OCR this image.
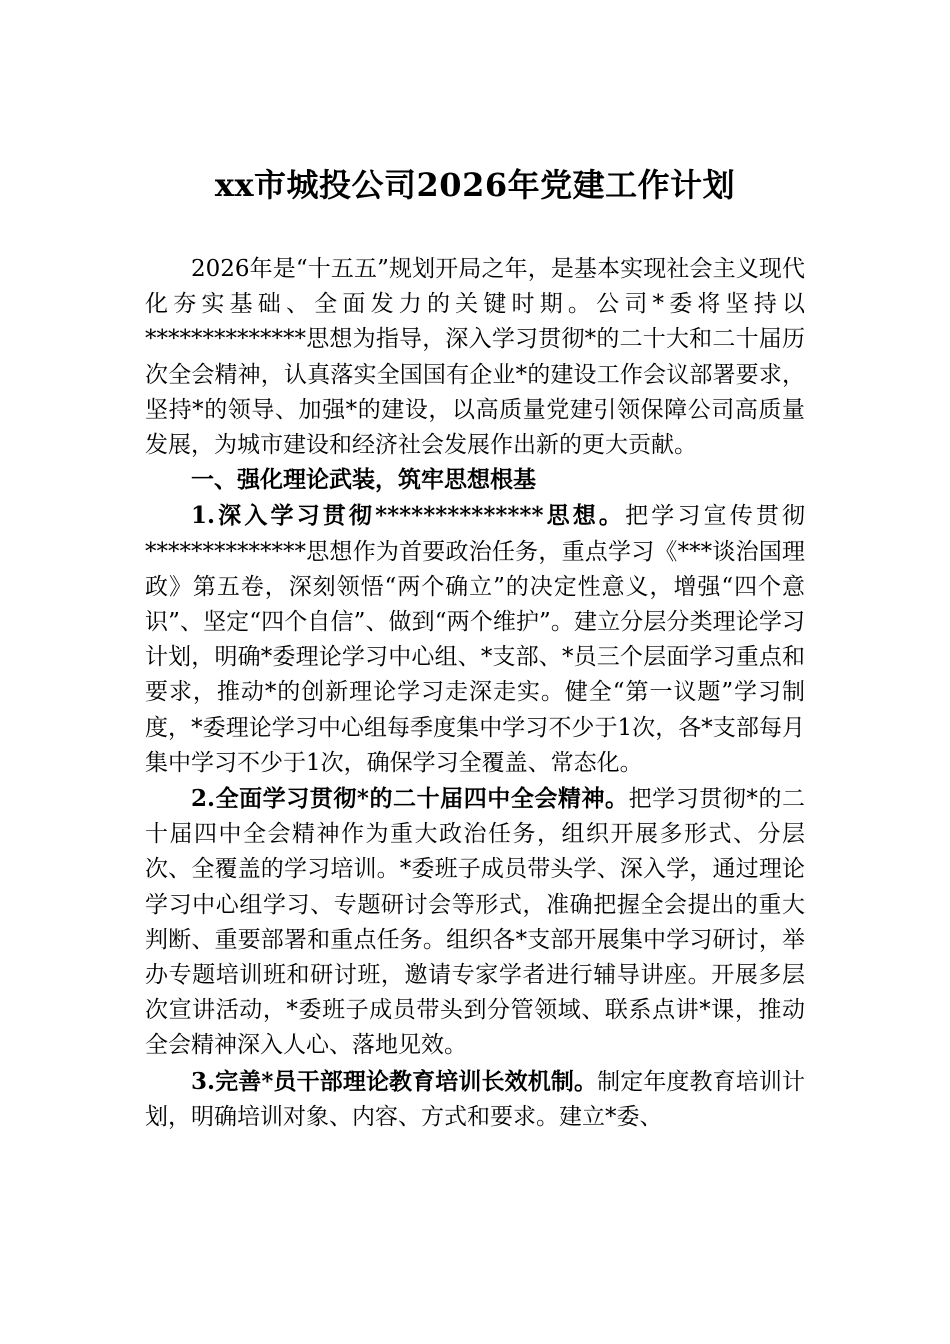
xx市城投公司2026年党建工作计划

2026年是“十五五”规划开局之年，是基本实现社会主义现代化夯实基础、全面发力的关键时期。公司*委将坚持以**************思想为指导，深入学习贯彻*的二十大和二十届历次全会精神，认真落实全国国有企业*的建设工作会议部署要求，坚持*的领导、加强*的建设，以高质量党建引领保障公司高质量发展，为城市建设和经济社会发展作出新的更大贡献。

一、强化理论武装，筑牢思想根基

1.深入学习贯彻**************思想。把学习宣传贯彻**************思想作为首要政治任务，重点学习《***谈治国理政》第五卷，深刻领悟“两个确立”的决定性意义，增强“四个意识”、坚定“四个自信”、做到“两个维护”。建立分层分类理论学习计划，明确*委理论学习中心组、*支部、*员三个层面学习重点和要求，推动*的创新理论学习走深走实。健全“第一议题”学习制度，*委理论学习中心组每季度集中学习不少于1次，各*支部每月集中学习不少于1次，确保学习全覆盖、常态化。

2.全面学习贯彻*的二十届四中全会精神。把学习贯彻*的二十届四中全会精神作为重大政治任务，组织开展多形式、分层次、全覆盖的学习培训。*委班子成员带头学、深入学，通过理论学习中心组学习、专题研讨会等形式，准确把握全会提出的重大判断、重要部署和重点任务。组织各*支部开展集中学习研讨，举办专题培训班和研讨班，邀请专家学者进行辅导讲座。开展多层次宣讲活动，*委班子成员带头到分管领域、联系点讲*课，推动全会精神深入人心、落地见效。

3.完善*员干部理论教育培训长效机制。制定年度教育培训计划，明确培训对象、内容、方式和要求。建立*委、
